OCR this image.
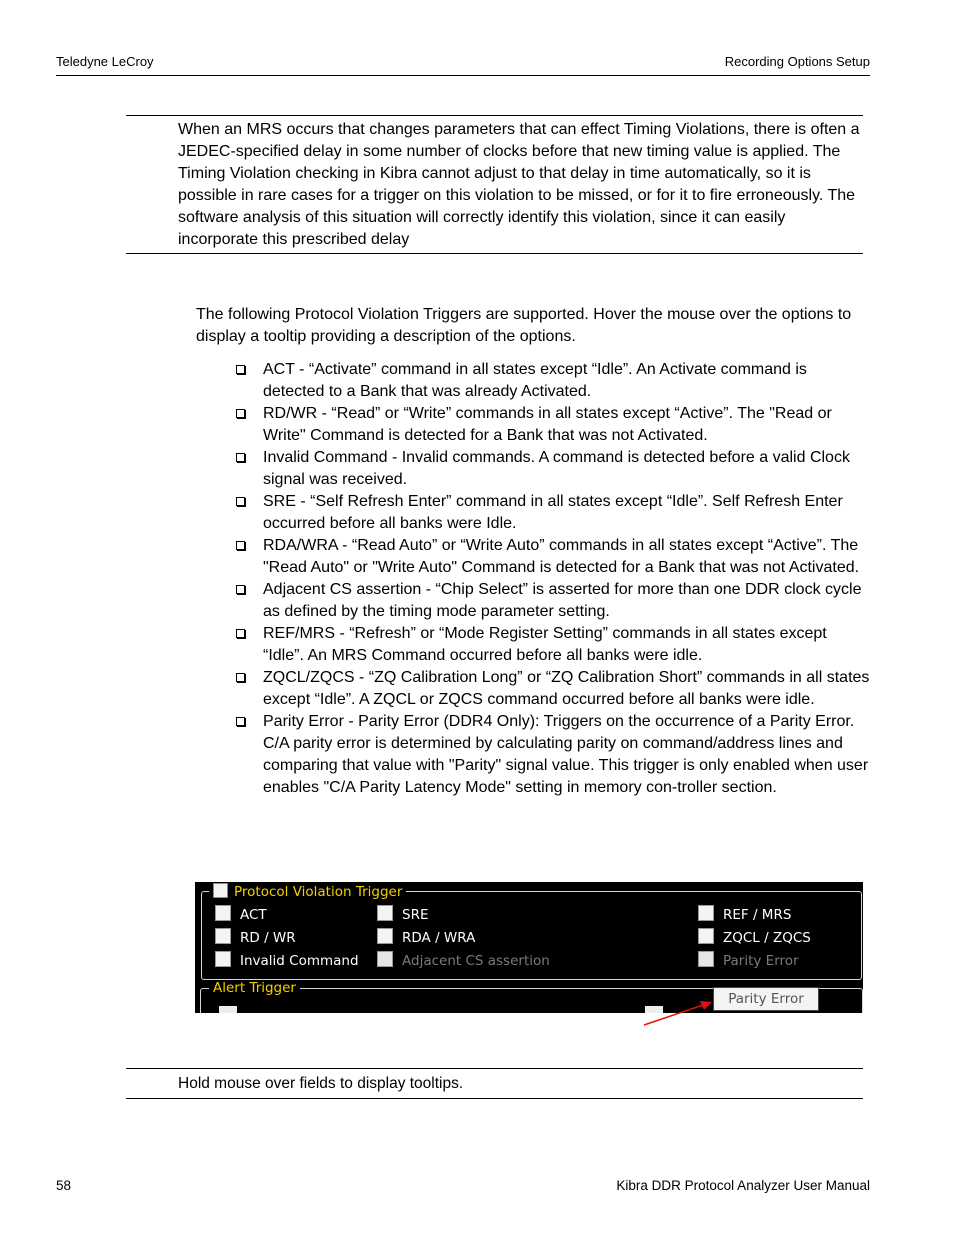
Teledyne LeCroy	Recording Options Setup

When an MRS occurs that changes parameters that can effect Timing Violations, there is often a JEDEC-specified delay in some number of clocks before that new timing value is applied. The Timing Violation checking in Kibra cannot adjust to that delay in time automatically, so it is possible in rare cases for a trigger on this violation to be missed, or for it to fire erroneously. The software analysis of this situation will correctly identify this violation, since it can easily incorporate this prescribed delay

The following Protocol Violation Triggers are supported. Hover the mouse over the options to display a tooltip providing a description of the options.

ACT - “Activate” command in all states except “Idle”. An Activate command is detected to a Bank that was already Activated.
RD/WR - “Read” or “Write” commands in all states except “Active”. The "Read or Write" Command is detected for a Bank that was not Activated.
Invalid Command - Invalid commands. A command is detected before a valid Clock signal was received.
SRE - “Self Refresh Enter” command in all states except “Idle”. Self Refresh Enter occurred before all banks were Idle.
RDA/WRA - “Read Auto” or “Write Auto” commands in all states except “Active”. The "Read Auto" or "Write Auto" Command is detected for a Bank that was not Activated.
Adjacent CS assertion - “Chip Select” is asserted for more than one DDR clock cycle as defined by the timing mode parameter setting.
REF/MRS - “Refresh” or “Mode Register Setting” commands in all states except “Idle”. An MRS Command occurred before all banks were idle.
ZQCL/ZQCS - “ZQ Calibration Long” or “ZQ Calibration Short” commands in all states except “Idle”. A ZQCL or ZQCS command occurred before all banks were idle.
Parity Error - Parity Error (DDR4 Only): Triggers on the occurrence of a Parity Error. C/A parity error is determined by calculating parity on command/address lines and comparing that value with "Parity" signal value. This trigger is only enabled when user enables "C/A Parity Latency Mode" setting in memory con-troller section.
Protocol Violation Trigger
ACT
RD / WR
Invalid Command
SRE
RDA / WRA
Adjacent CS assertion
REF / MRS
ZQCL / ZQCS
Parity Error
Alert Trigger
Parity Error

Hold mouse over fields to display tooltips.

58	Kibra DDR Protocol Analyzer User Manual
